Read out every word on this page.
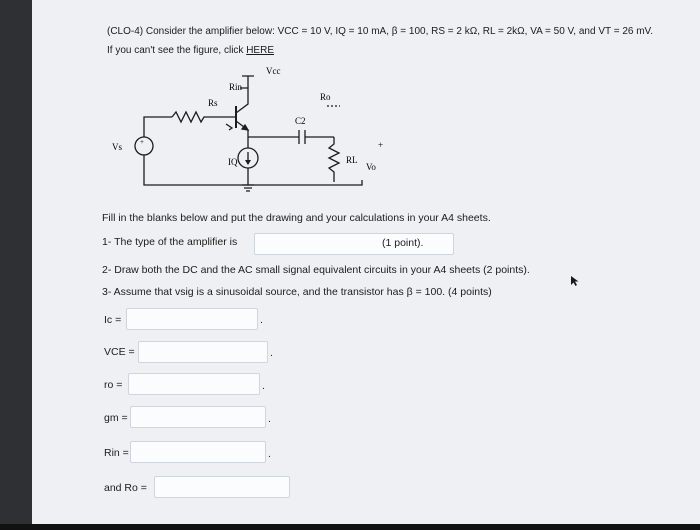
(CLO-4) Consider the amplifier below: VCC = 10 V, IQ = 10 mA, β = 100, RS = 2 kΩ, RL = 2kΩ, VA = 50 V, and VT = 26 mV.
If you can't see the figure, click HERE
+
Vs
Rs
Rin
Vcc
Ro
C2
+
RL
Vo
IQ
Fill in the blanks below and put the drawing and your calculations in your A4 sheets.
1- The type of the amplifier is	(1 point).
2- Draw both the DC and the AC small signal equivalent circuits in your A4 sheets (2 points).
3- Assume that vsig is a sinusoidal source, and the transistor has β = 100. (4 points)
Ic =	.
VCE =	.
ro =	.
gm =	.
Rin =	.
and Ro =
